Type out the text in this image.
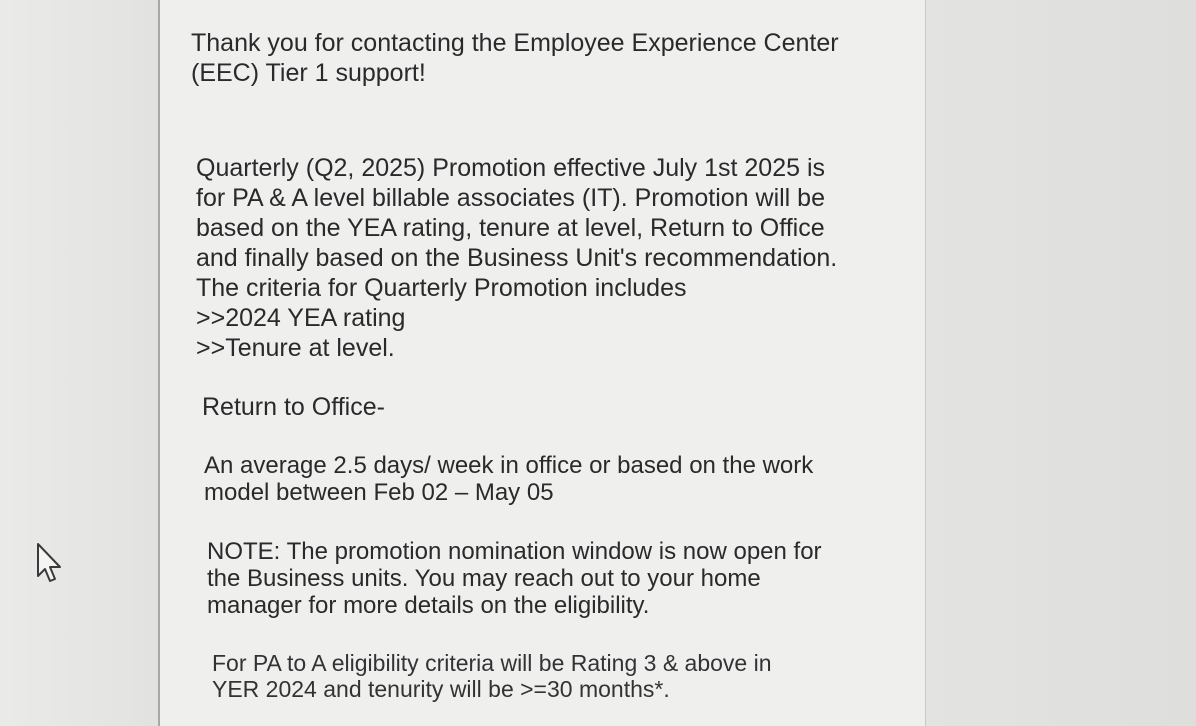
Thank you for contacting the Employee Experience Center
(EEC) Tier 1 support!
Quarterly (Q2, 2025) Promotion effective July 1st 2025 is
for PA & A level billable associates (IT). Promotion will be
based on the YEA rating, tenure at level, Return to Office
and finally based on the Business Unit's recommendation.
The criteria for Quarterly Promotion includes
>>2024 YEA rating
>>Tenure at level.
Return to Office-
An average 2.5 days/ week in office or based on the work
model between Feb 02 – May 05
NOTE: The promotion nomination window is now open for
the Business units. You may reach out to your home
manager for more details on the eligibility.
For PA to A eligibility criteria will be Rating 3 & above in
YER 2024 and tenurity will be >=30 months*.
